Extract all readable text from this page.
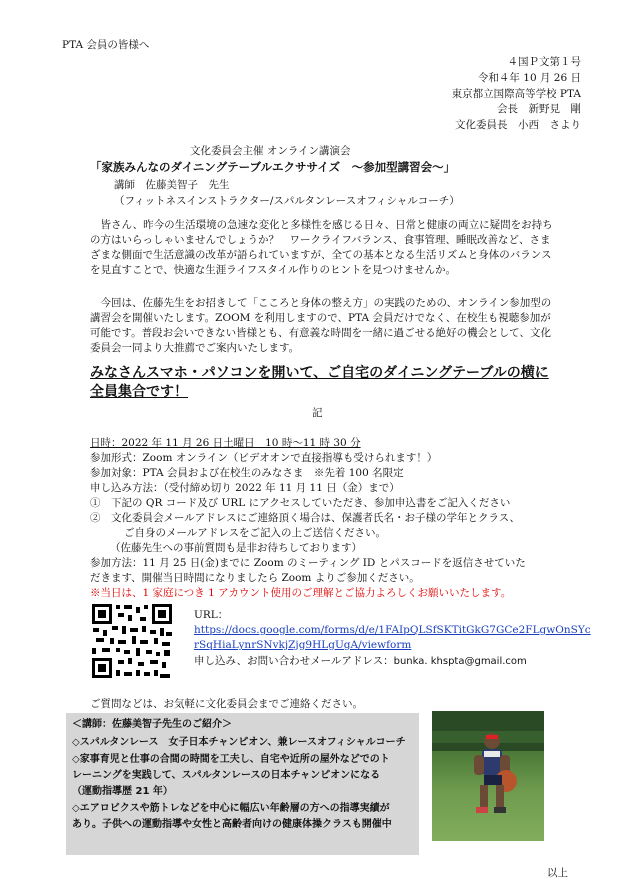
PTA 会員の皆様へ
４国Ｐ文第１号
令和４年 10 月 26 日
東京都立国際高等学校 PTA
会長　新野見　剛
文化委員長　小西　さより
文化委員会主催 オンライン講演会
「家族みんなのダイニングテーブルエクササイズ　～参加型講習会～」
講師　佐藤美智子　先生
（フィットネスインストラクター/スパルタンレースオフィシャルコーチ）
　皆さん、昨今の生活環境の急速な変化と多様性を感じる日々、日常と健康の両立に疑問をお持ちの方はいらっしゃいませんでしょうか？　ワークライフバランス、食事管理、睡眠改善など、さまざまな側面で生活意識の改革が語られていますが、全ての基本となる生活リズムと身体のバランスを見直すことで、快適な生涯ライフスタイル作りのヒントを見つけませんか。
　今回は、佐藤先生をお招きして「こころと身体の整え方」の実践のための、オンライン参加型の講習会を開催いたします。ZOOM を利用しますので、PTA 会員だけでなく、在校生も視聴参加が可能です。普段お会いできない皆様とも、有意義な時間を一緒に過ごせる絶好の機会として、文化委員会一同より大推薦でご案内いたします。
みなさんスマホ・パソコンを開いて、ご自宅のダイニングテーブルの横に全員集合です！
記
日時：2022 年 11 月 26 日土曜日　10 時～11 時 30 分
参加形式：Zoom オンライン（ビデオオンで直接指導も受けられます！）
参加対象：PTA 会員および在校生のみなさま　※先着 100 名限定
申し込み方法：（受付締め切り 2022 年 11 月 11 日（金）まで）
①　下記の QR コード及び URL にアクセスしていただき、参加申込書をご記入ください
②　文化委員会メールアドレスにご連絡頂く場合は、保護者氏名・お子様の学年とクラス、
ご自身のメールアドレスをご記入の上ご送信ください。
（佐藤先生への事前質問も是非お待ちしております）
参加方法：11 月 25 日(金)までに Zoom のミーティング ID とパスコードを返信させていた
だきます、開催当日時間になりましたら Zoom よりご参加ください。
※当日は、1 家庭につき 1 アカウント使用のご理解とご協力よろしくお願いいたします。
URL：
https://docs.google.com/forms/d/e/1FAIpQLSfSKTitGkG7GCe2FLgwOnSYc
rSqHiaLynrSNvkjZjg9HLgUgA/viewform
申し込み、お問い合わせメールアドレス：bunka. khspta@gmail.com
ご質問などは、お気軽に文化委員会までご連絡ください。
＜講師：佐藤美智子先生のご紹介＞
◇スパルタンレース　女子日本チャンピオン、兼レースオフィシャルコーチ
◇家事育児と仕事の合間の時間を工夫し、自宅や近所の屋外などでのト
レーニングを実践して、スパルタンレースの日本チャンピオンになる
（運動指導歴 21 年）
◇エアロビクスや筋トレなどを中心に幅広い年齢層の方への指導実績が
あり。子供への運動指導や女性と高齢者向けの健康体操クラスも開催中
以上
